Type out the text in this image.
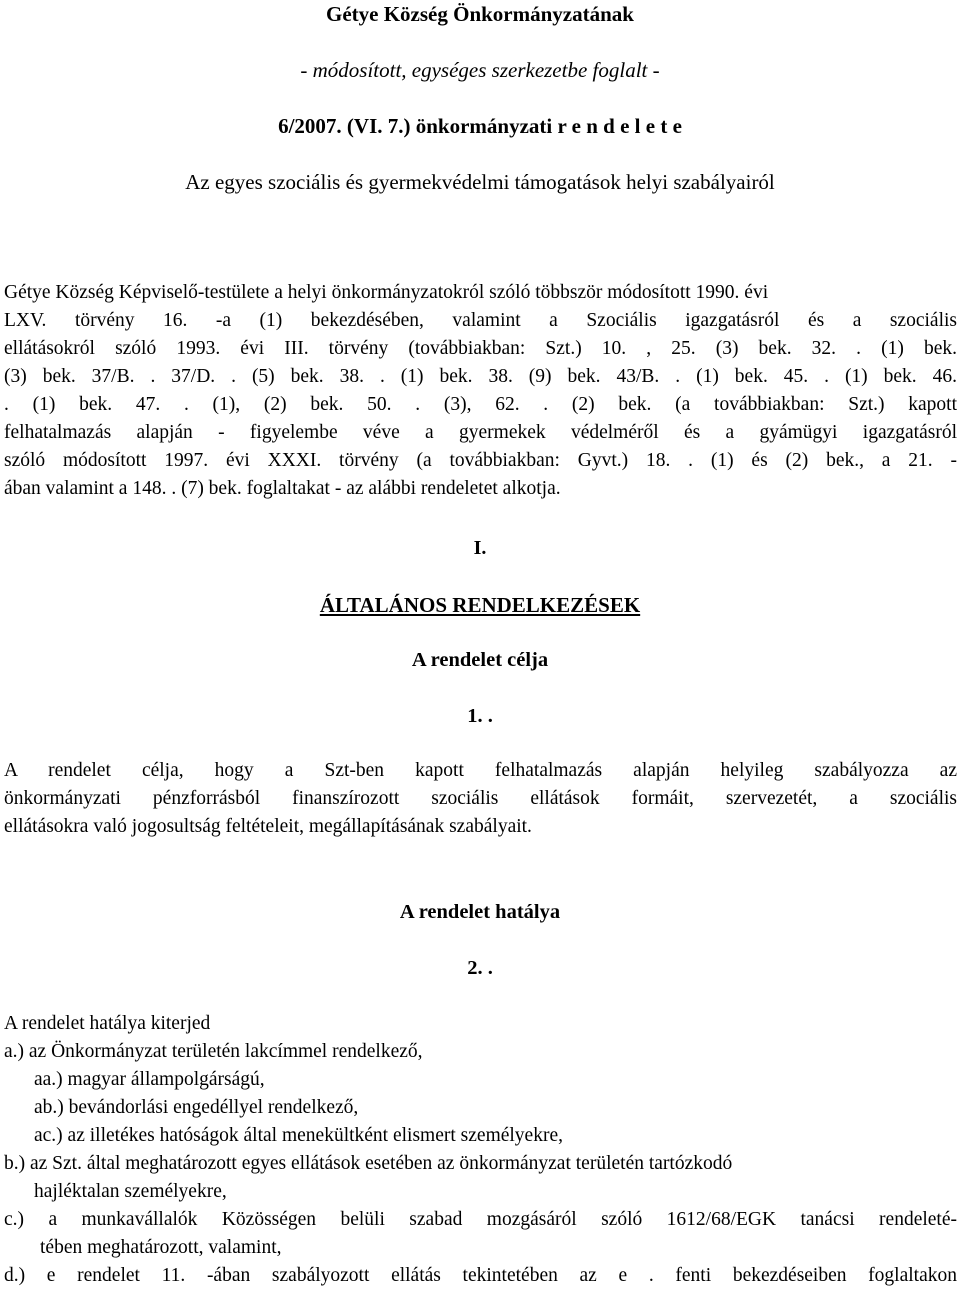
Gétye Község Önkormányzatának
- módosított, egységes szerkezetbe foglalt -
6/2007. (VI. 7.) önkormányzati r e n d e l e t e
Az egyes szociális és gyermekvédelmi támogatások helyi szabályairól
Gétye Község Képviselő-testülete a helyi önkormányzatokról szóló többször módosított 1990. évi
LXV. törvény 16. -a (1) bekezdésében, valamint a Szociális igazgatásról és a szociális
ellátásokról szóló 1993. évi III. törvény (továbbiakban: Szt.) 10. , 25. (3) bek. 32. . (1) bek.
(3) bek. 37/B. . 37/D. . (5) bek. 38. . (1) bek. 38. (9) bek. 43/B. . (1) bek. 45. . (1) bek. 46.
. (1) bek. 47. . (1), (2) bek. 50. . (3), 62. . (2) bek. (a továbbiakban: Szt.) kapott
felhatalmazás alapján - figyelembe véve a gyermekek védelméről és a gyámügyi igazgatásról
szóló módosított 1997. évi XXXI. törvény (a továbbiakban: Gyvt.) 18. . (1) és (2) bek., a 21. -
ában valamint a 148. . (7) bek. foglaltakat - az alábbi rendeletet alkotja.
I.
ÁLTALÁNOS RENDELKEZÉSEK
A rendelet célja
1. .
A rendelet célja, hogy a Szt-ben kapott felhatalmazás alapján helyileg szabályozza az
önkormányzati pénzforrásból finanszírozott szociális ellátások formáit, szervezetét, a szociális
ellátásokra való jogosultság feltételeit, megállapításának szabályait.
A rendelet hatálya
2. .
A rendelet hatálya kiterjed
a.) az Önkormányzat területén lakcímmel rendelkező,
aa.) magyar állampolgárságú,
ab.) bevándorlási engedéllyel rendelkező,
ac.) az illetékes hatóságok által menekültként elismert személyekre,
b.) az Szt. által meghatározott egyes ellátások esetében az önkormányzat területén tartózkodó
hajléktalan személyekre,
c.) a munkavállalók Közösségen belüli szabad mozgásáról szóló 1612/68/EGK tanácsi rendeleté-
tében meghatározott, valamint,
d.) e rendelet 11. -ában szabályozott ellátás tekintetében az e . fenti bekezdéseiben foglaltakon
